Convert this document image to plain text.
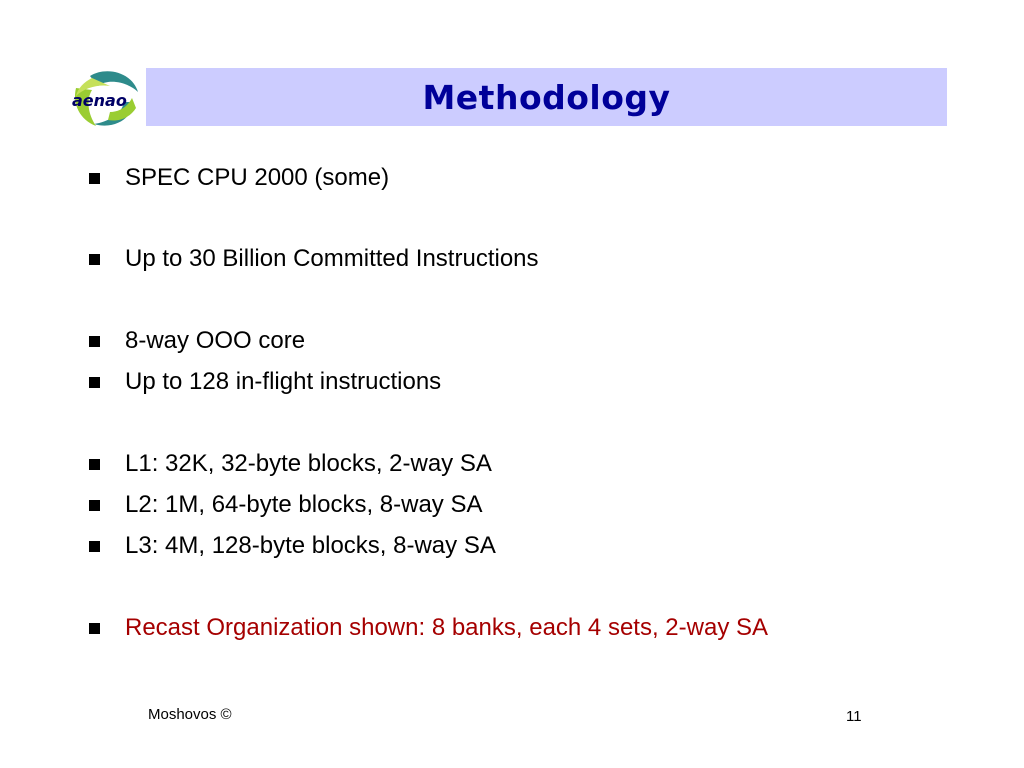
aenao	Methodology
SPEC CPU 2000 (some)
Up to 30 Billion Committed Instructions
8-way OOO core
Up to 128 in-flight instructions
L1: 32K, 32-byte blocks, 2-way SA
L2: 1M, 64-byte blocks, 8-way SA
L3: 4M, 128-byte blocks, 8-way SA
Recast Organization shown: 8 banks, each 4 sets, 2-way SA
Moshovos ©	11
